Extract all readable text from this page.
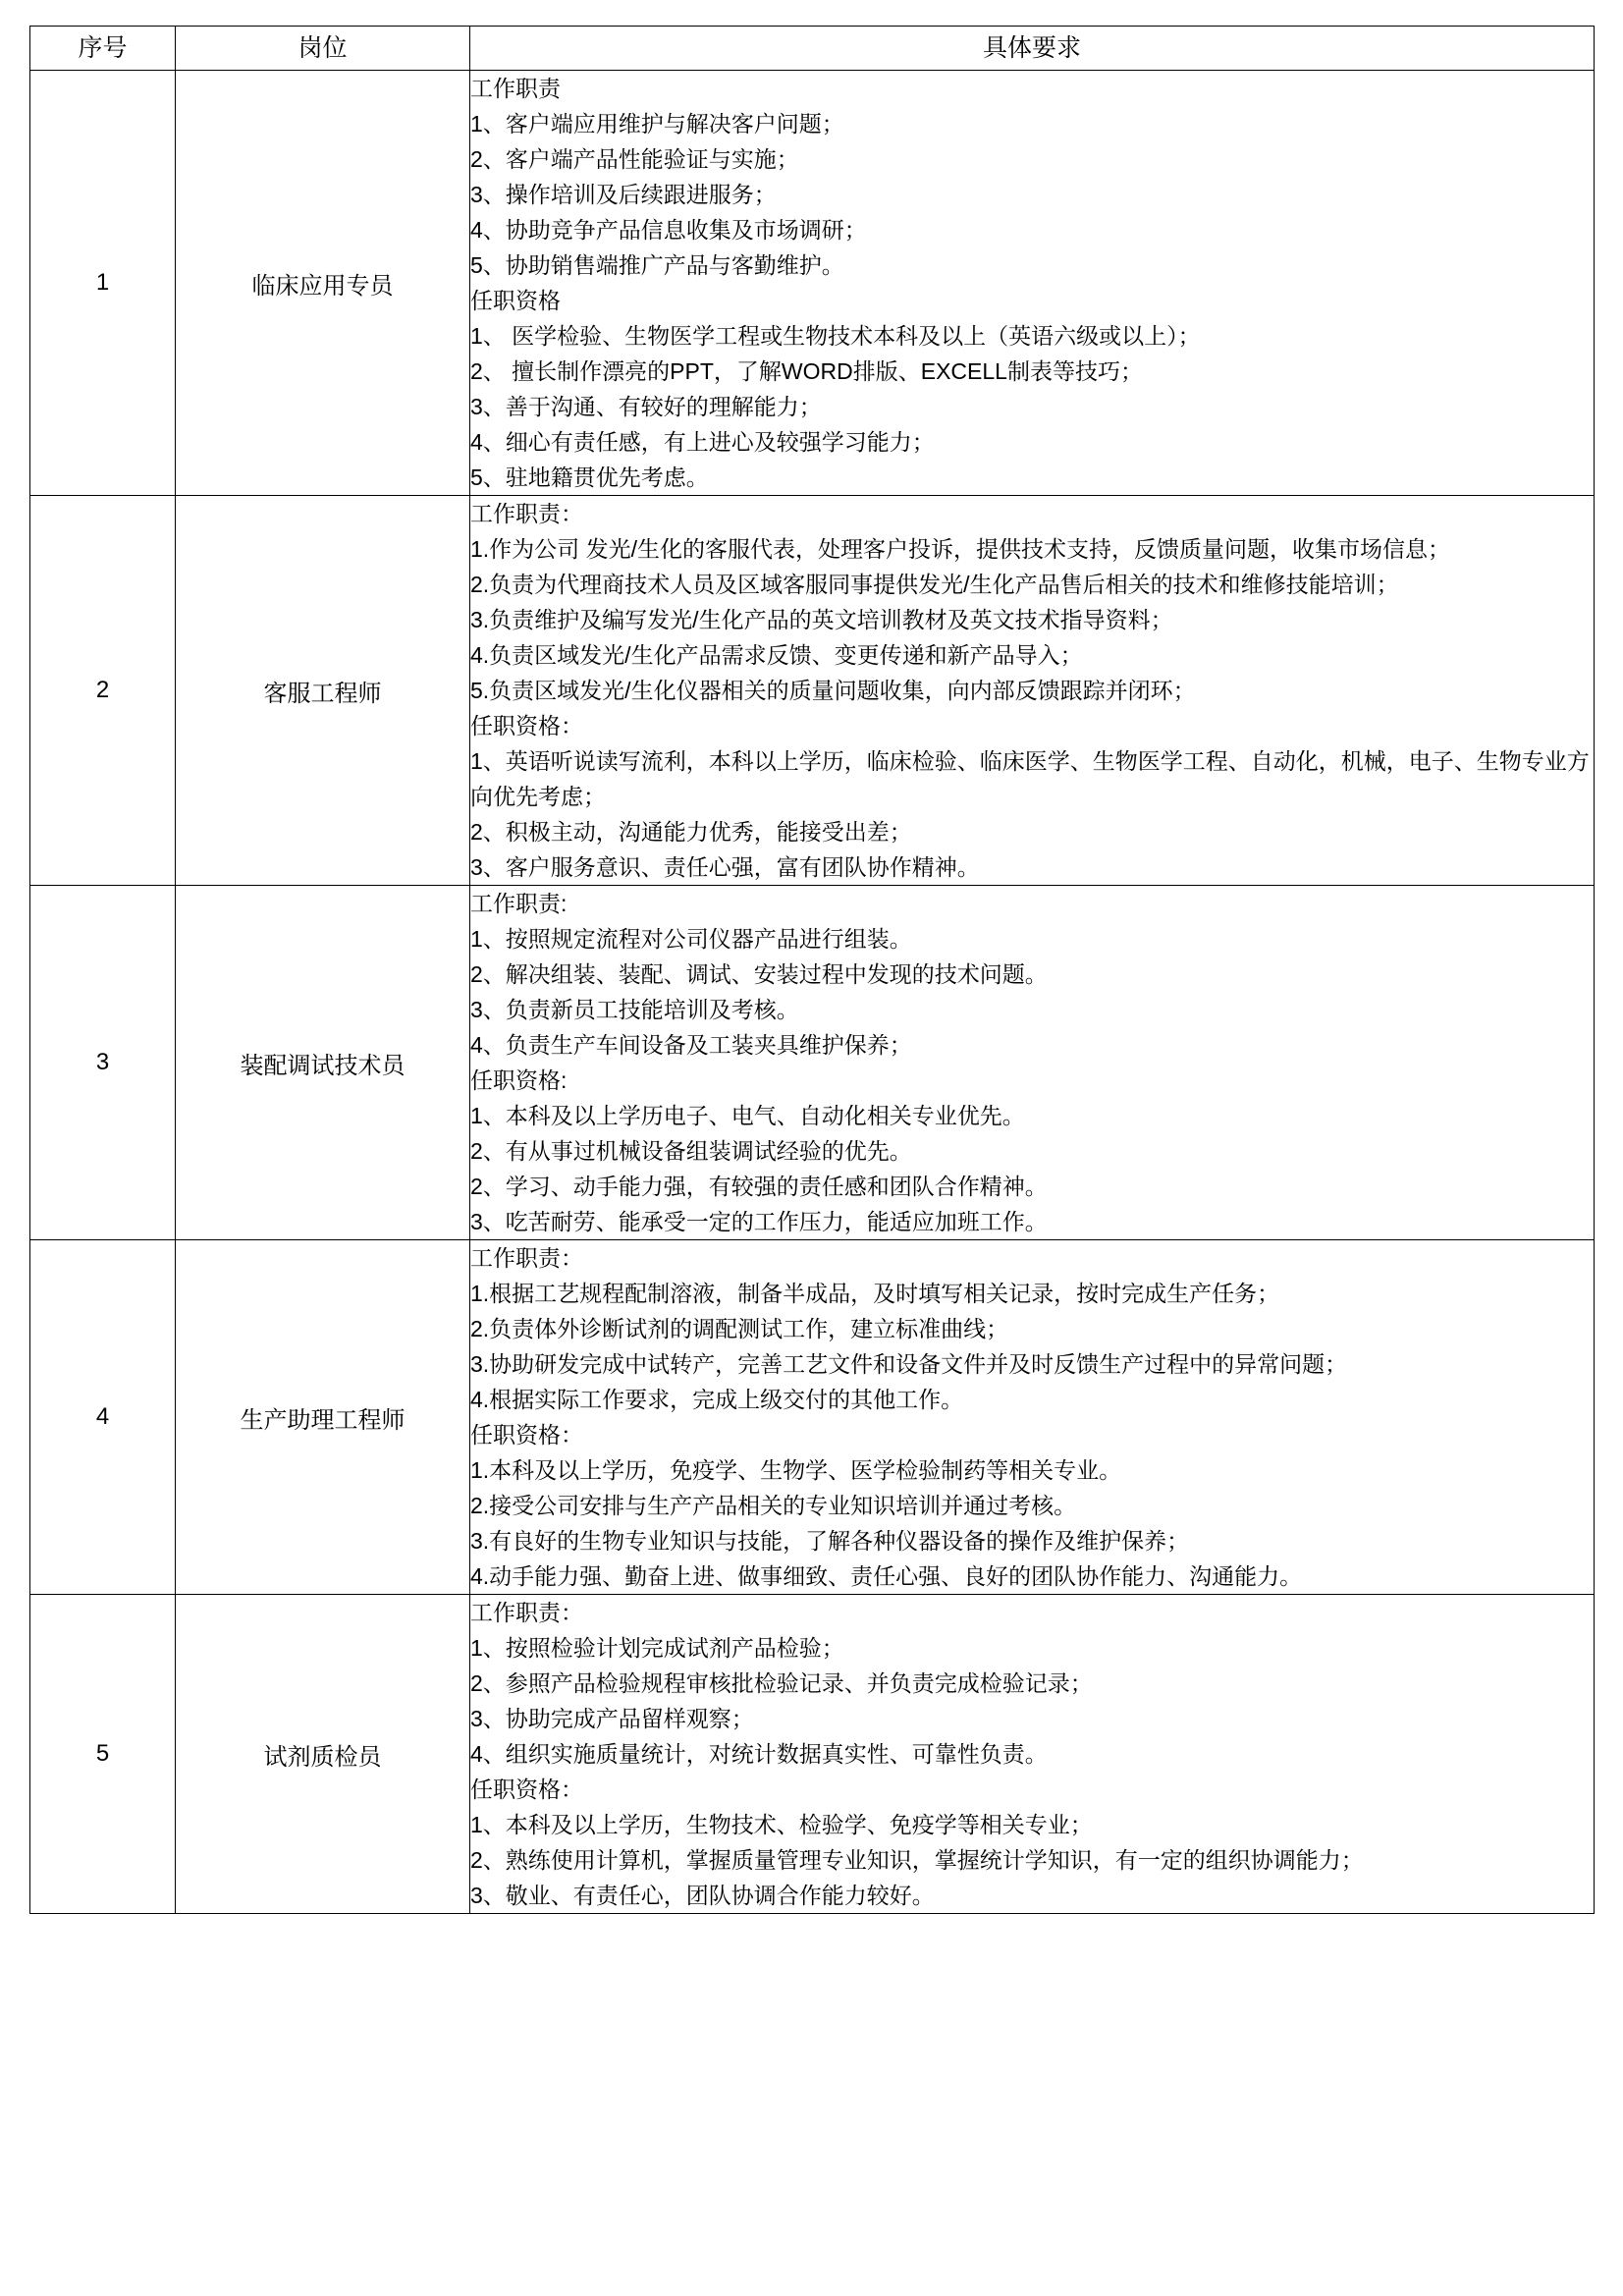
序号	岗位	具体要求
1	临床应用专员	
工作职责
1、客户端应用维护与解决客户问题；
2、客户端产品性能验证与实施；
3、操作培训及后续跟进服务；
4、协助竞争产品信息收集及市场调研；
5、协助销售端推广产品与客勤维护。
任职资格
1、 医学检验、生物医学工程或生物技术本科及以上（英语六级或以上）；
2、 擅长制作漂亮的PPT，了解WORD排版、EXCELL制表等技巧；
3、善于沟通、有较好的理解能力；
4、细心有责任感，有上进心及较强学习能力；
5、驻地籍贯优先考虑。

2	客服工程师	
工作职责：
1.作为公司 发光/生化的客服代表，处理客户投诉，提供技术支持，反馈质量问题，收集市场信息；
2.负责为代理商技术人员及区域客服同事提供发光/生化产品售后相关的技术和维修技能培训；
3.负责维护及编写发光/生化产品的英文培训教材及英文技术指导资料；
4.负责区域发光/生化产品需求反馈、变更传递和新产品导入；
5.负责区域发光/生化仪器相关的质量问题收集，向内部反馈跟踪并闭环；
任职资格：
1、英语听说读写流利，本科以上学历，临床检验、临床医学、生物医学工程、自动化，机械，电子、生物专业方向优先考虑；
2、积极主动，沟通能力优秀，能接受出差；
3、客户服务意识、责任心强，富有团队协作精神。

3	装配调试技术员	
工作职责:
1、按照规定流程对公司仪器产品进行组装。
2、解决组装、装配、调试、安装过程中发现的技术问题。
3、负责新员工技能培训及考核。
4、负责生产车间设备及工装夹具维护保养；
任职资格:
1、本科及以上学历电子、电气、自动化相关专业优先。
2、有从事过机械设备组装调试经验的优先。
2、学习、动手能力强，有较强的责任感和团队合作精神。
3、吃苦耐劳、能承受一定的工作压力，能适应加班工作。

4	生产助理工程师	
工作职责：
1.根据工艺规程配制溶液，制备半成品，及时填写相关记录，按时完成生产任务；
2.负责体外诊断试剂的调配测试工作，建立标准曲线；
3.协助研发完成中试转产，完善工艺文件和设备文件并及时反馈生产过程中的异常问题；
4.根据实际工作要求，完成上级交付的其他工作。
任职资格：
1.本科及以上学历，免疫学、生物学、医学检验制药等相关专业。
2.接受公司安排与生产产品相关的专业知识培训并通过考核。
3.有良好的生物专业知识与技能，了解各种仪器设备的操作及维护保养；
4.动手能力强、勤奋上进、做事细致、责任心强、良好的团队协作能力、沟通能力。

5	试剂质检员	
工作职责：
1、按照检验计划完成试剂产品检验；
2、参照产品检验规程审核批检验记录、并负责完成检验记录；
3、协助完成产品留样观察；
4、组织实施质量统计，对统计数据真实性、可靠性负责。
任职资格：
1、本科及以上学历，生物技术、检验学、免疫学等相关专业；
2、熟练使用计算机，掌握质量管理专业知识，掌握统计学知识，有一定的组织协调能力；
3、敬业、有责任心，团队协调合作能力较好。
